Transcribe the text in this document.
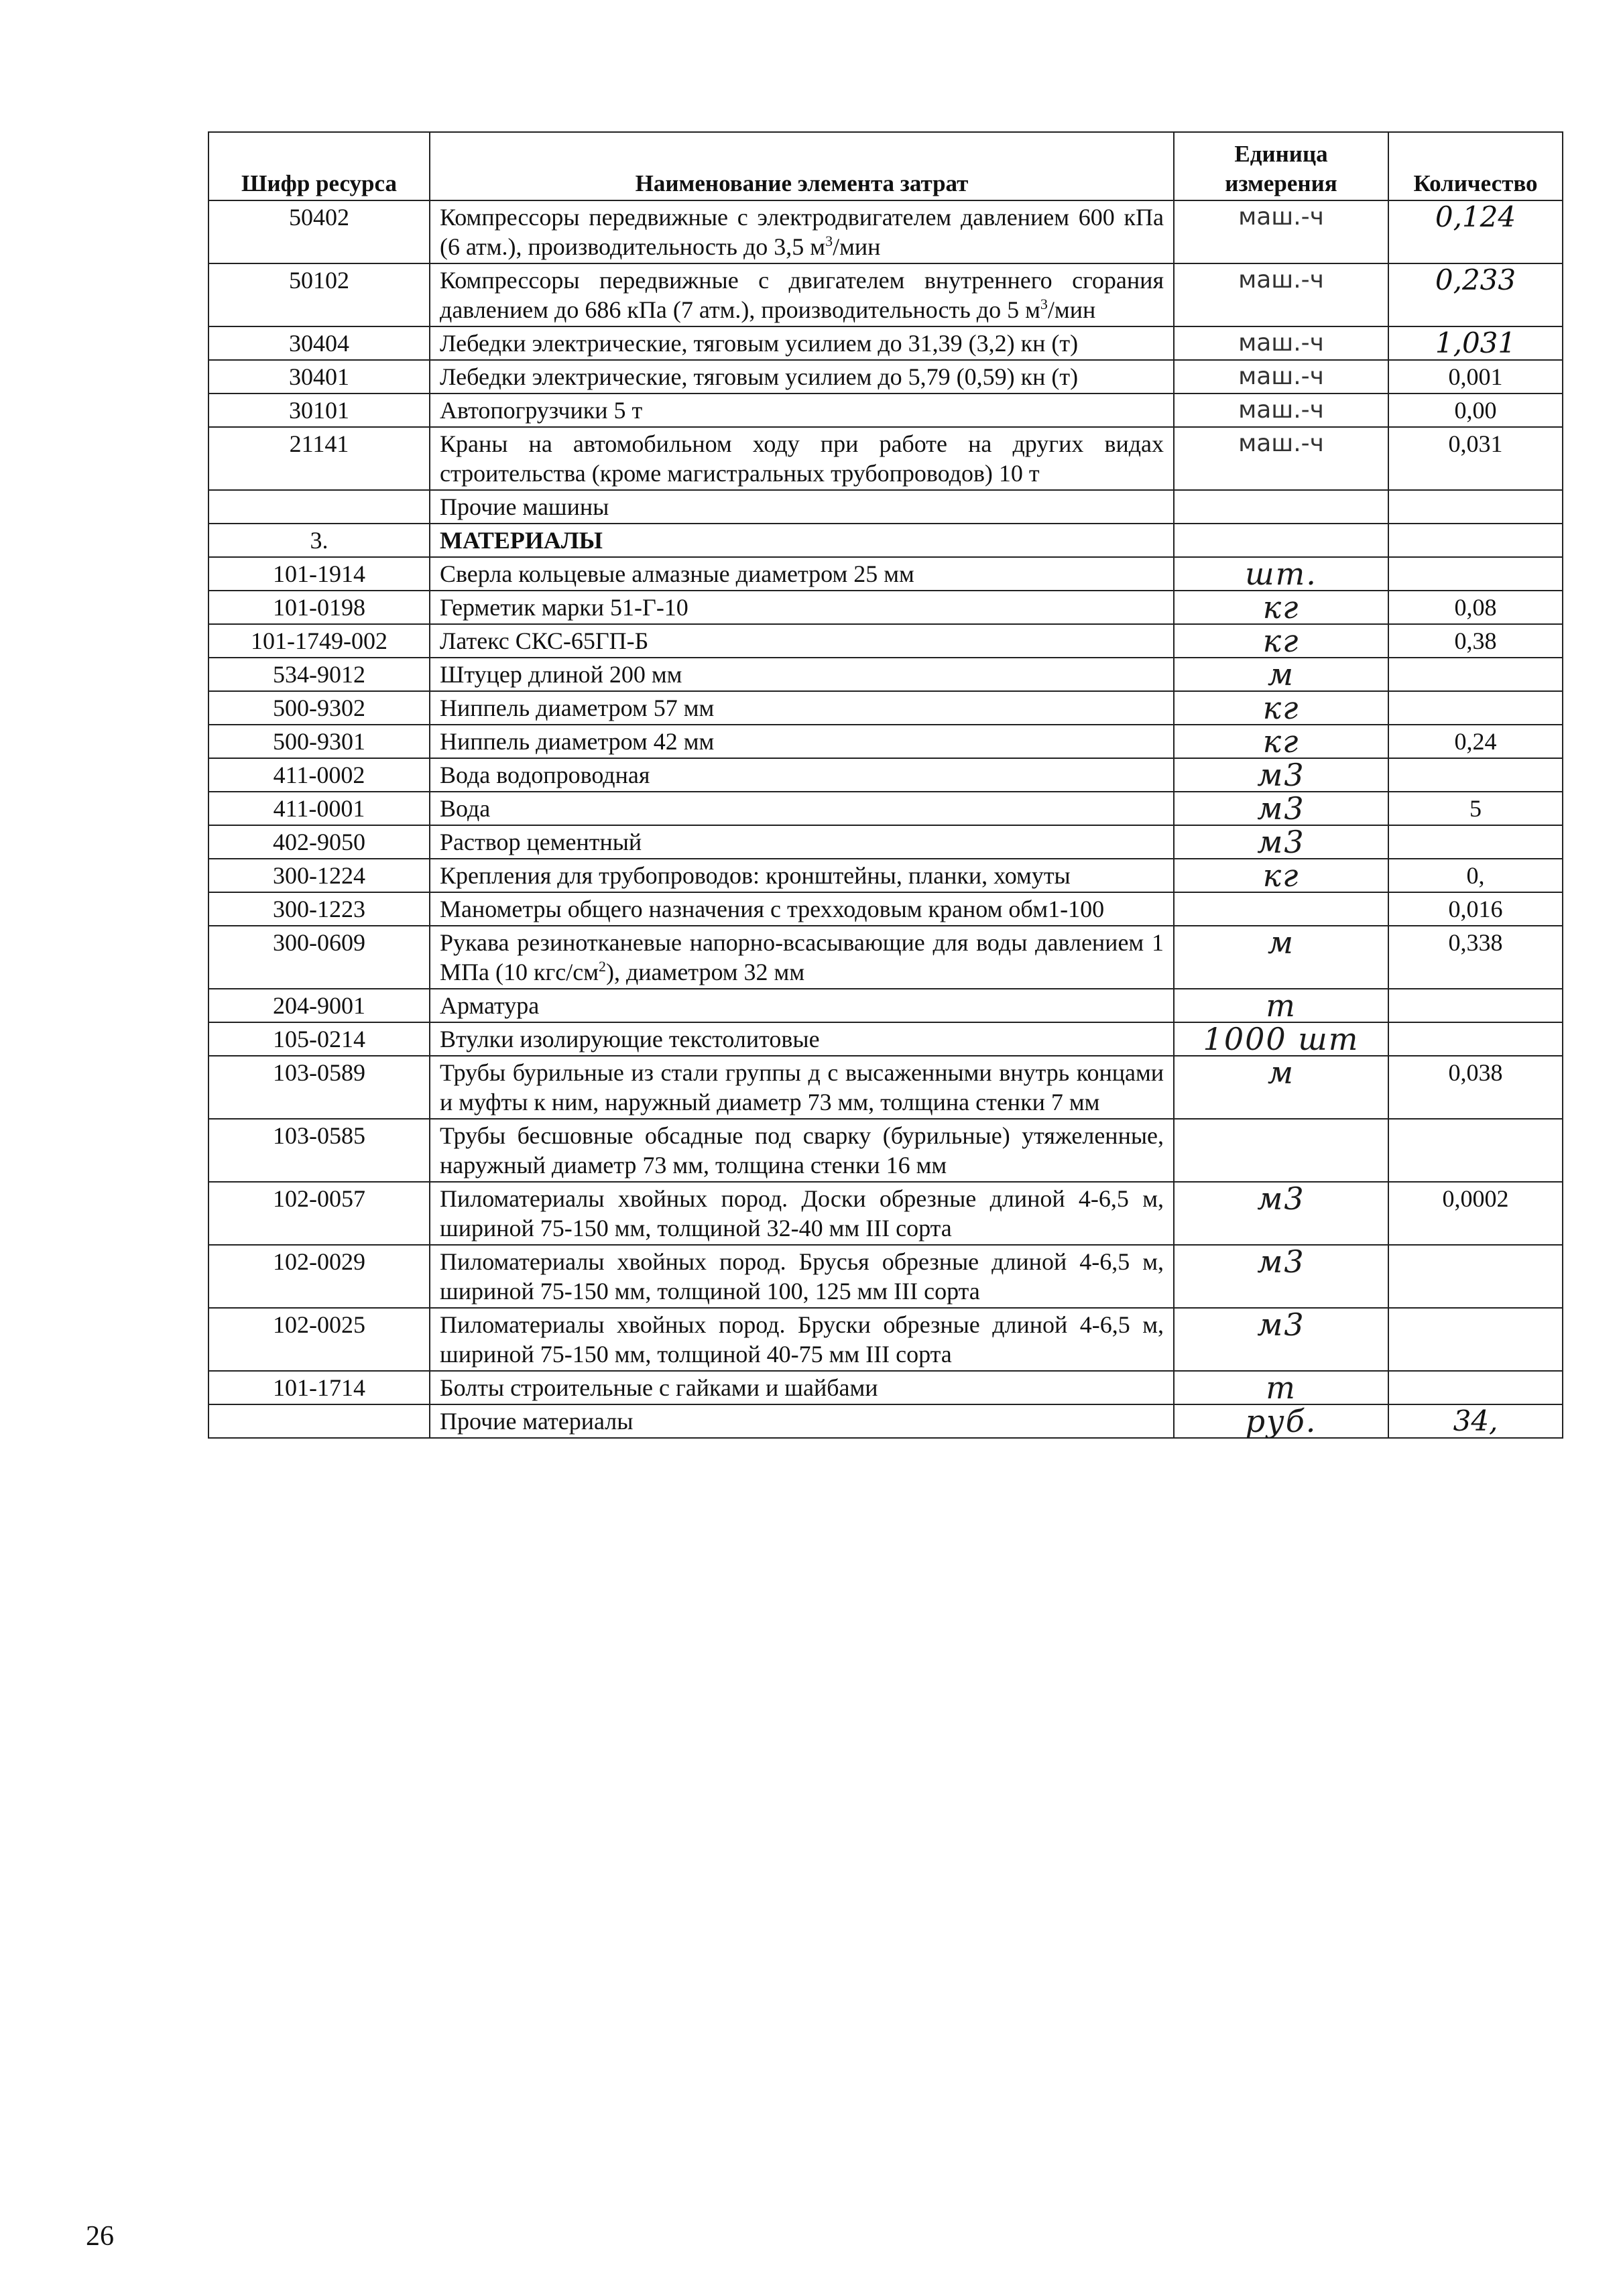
Шифр ресурса	Наименование элемента затрат	Единица измерения	Количество
50402	Компрессоры передвижные с электродвигателем давлением 600 кПа (6 атм.), производительность до 3,5 $м^3$/мин	маш.-ч	0,124
50102	Компрессоры передвижные с двигателем внутреннего сгорания давлением до 686 кПа (7 атм.), производительность до 5 $м^3$/мин	маш.-ч	0,233
30404	Лебедки электрические, тяговым усилием до 31,39 (3,2) кн (т)	маш.-ч	1,031
30401	Лебедки электрические, тяговым усилием до 5,79 (0,59) кн (т)	маш.-ч	0,001
30101	Автопогрузчики 5 т	маш.-ч	0,00
21141	Краны на автомобильном ходу при работе на других видах строительства (кроме магистральных трубопроводов) 10 т	маш.-ч	0,031
	Прочие машины		
3.	МАТЕРИАЛЫ		
101-1914	Сверла кольцевые алмазные диаметром 25 мм	шт.	
101-0198	Герметик марки 51-Г-10	кг	0,08
101-1749-002	Латекс СКС-65ГП-Б	кг	0,38
534-9012	Штуцер длиной 200 мм	м	
500-9302	Ниппель диаметром 57 мм	кг	
500-9301	Ниппель диаметром 42 мм	кг	0,24
411-0002	Вода водопроводная	м3	
411-0001	Вода	м3	5
402-9050	Раствор цементный	м3	
300-1224	Крепления для трубопроводов: кронштейны, планки, хомуты	кг	0,
300-1223	Манометры общего назначения с трехходовым краном обм1-100		0,016
300-0609	Рукава резинотканевые напорно-всасывающие для воды давлением 1 МПа (10 кгс/$см^2$), диаметром 32 мм	м	0,338
204-9001	Арматура	т	
105-0214	Втулки изолирующие текстолитовые	1000 шт	
103-0589	Трубы бурильные из стали группы д с высаженными внутрь концами и муфты к ним, наружный диаметр 73 мм, толщина стенки 7 мм	м	0,038
103-0585	Трубы бесшовные обсадные под сварку (бурильные) утяжеленные, наружный диаметр 73 мм, толщина стенки 16 мм		
102-0057	Пиломатериалы хвойных пород. Доски обрезные длиной 4-6,5 м, шириной 75-150 мм, толщиной 32-40 мм III сорта	м3	0,0002
102-0029	Пиломатериалы хвойных пород. Брусья обрезные длиной 4-6,5 м, шириной 75-150 мм, толщиной 100, 125 мм III сорта	м3	
102-0025	Пиломатериалы хвойных пород. Бруски обрезные длиной 4-6,5 м, шириной 75-150 мм, толщиной 40-75 мм III сорта	м3	
101-1714	Болты строительные с гайками и шайбами	т	
	Прочие материалы	руб.	34,
26
